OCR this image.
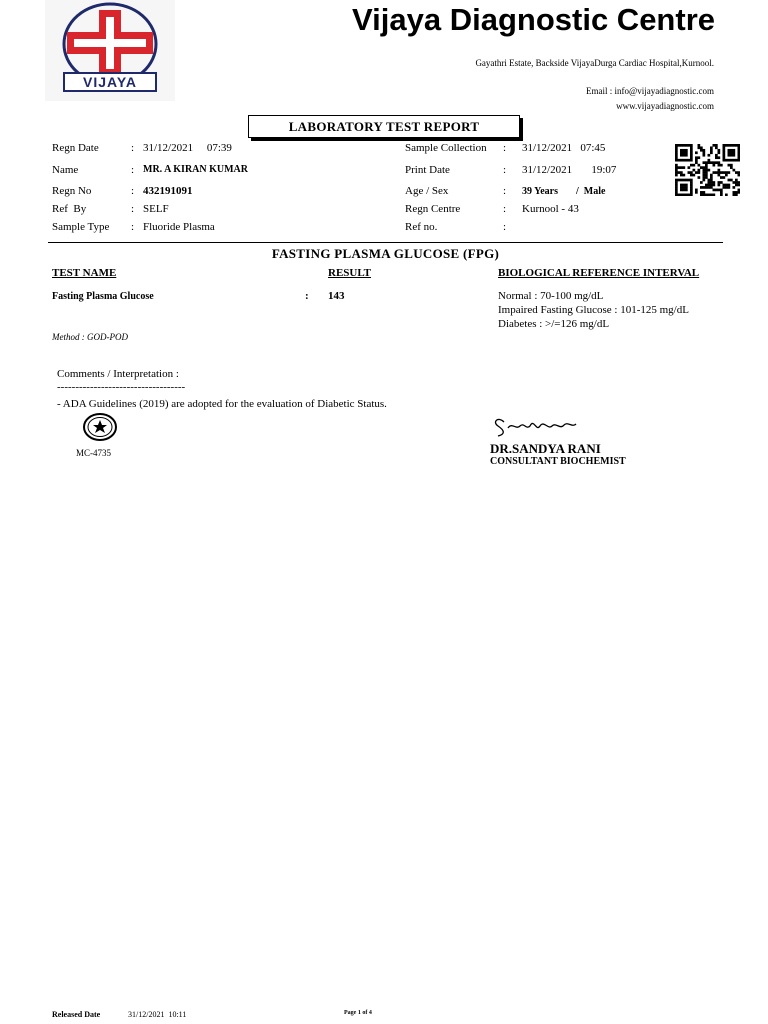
VIJAYA
Vijaya Diagnostic Centre
Gayathri Estate, Backside VijayaDurga Cardiac Hospital,Kurnool.
Email : info@vijayadiagnostic.com
www.vijayadiagnostic.com
LABORATORY TEST REPORT
Regn Date	: 31/12/2021     07:39
Name	: MR. A KIRAN KUMAR
Regn No	: 432191091
Ref  By	: SELF
Sample Type : Fluoride Plasma
Sample Collection : 31/12/2021   07:45
Print Date	: 31/12/2021       19:07
Age / Sex	: 39 Years /  Male
Regn Centre	: Kurnool - 43
Ref no.	:
FASTING PLASMA GLUCOSE (FPG)
TEST NAME	RESULT	BIOLOGICAL REFERENCE INTERVAL
Fasting Plasma Glucose	: 143	Normal : 70-100 mg/dL
Impaired Fasting Glucose : 101-125 mg/dL
Diabetes : >/=126 mg/dL
Method : GOD-POD
Comments / Interpretation :
-----------------------------------
- ADA Guidelines (2019) are adopted for the evaluation of Diabetic Status.
MC-4735	DR.SANDYA RANI
CONSULTANT BIOCHEMIST
Released Date	31/12/2021  10:11	Page 1 of 4
